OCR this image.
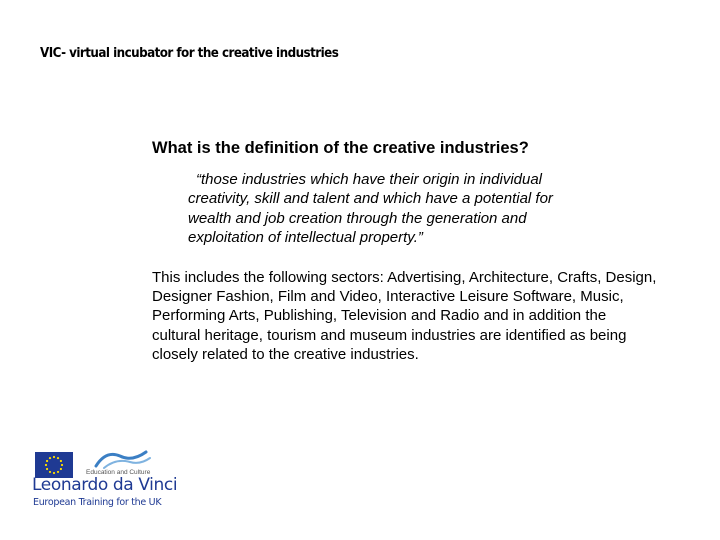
VIC- virtual incubator for the creative industries

What is the definition of the creative industries?

“those industries which have their origin in individual
creativity, skill and talent and which have a potential for
wealth and job creation through the generation and
exploitation of intellectual property.”
This includes the following sectors: Advertising, Architecture, Crafts, Design, Designer Fashion, Film and Video, Interactive Leisure Software, Music, Performing Arts, Publishing, Television and Radio and in addition the cultural heritage, tourism and museum industries are identified as being closely related to the creative industries.
Education and Culture
Leonardo da Vinci
European Training for the UK
